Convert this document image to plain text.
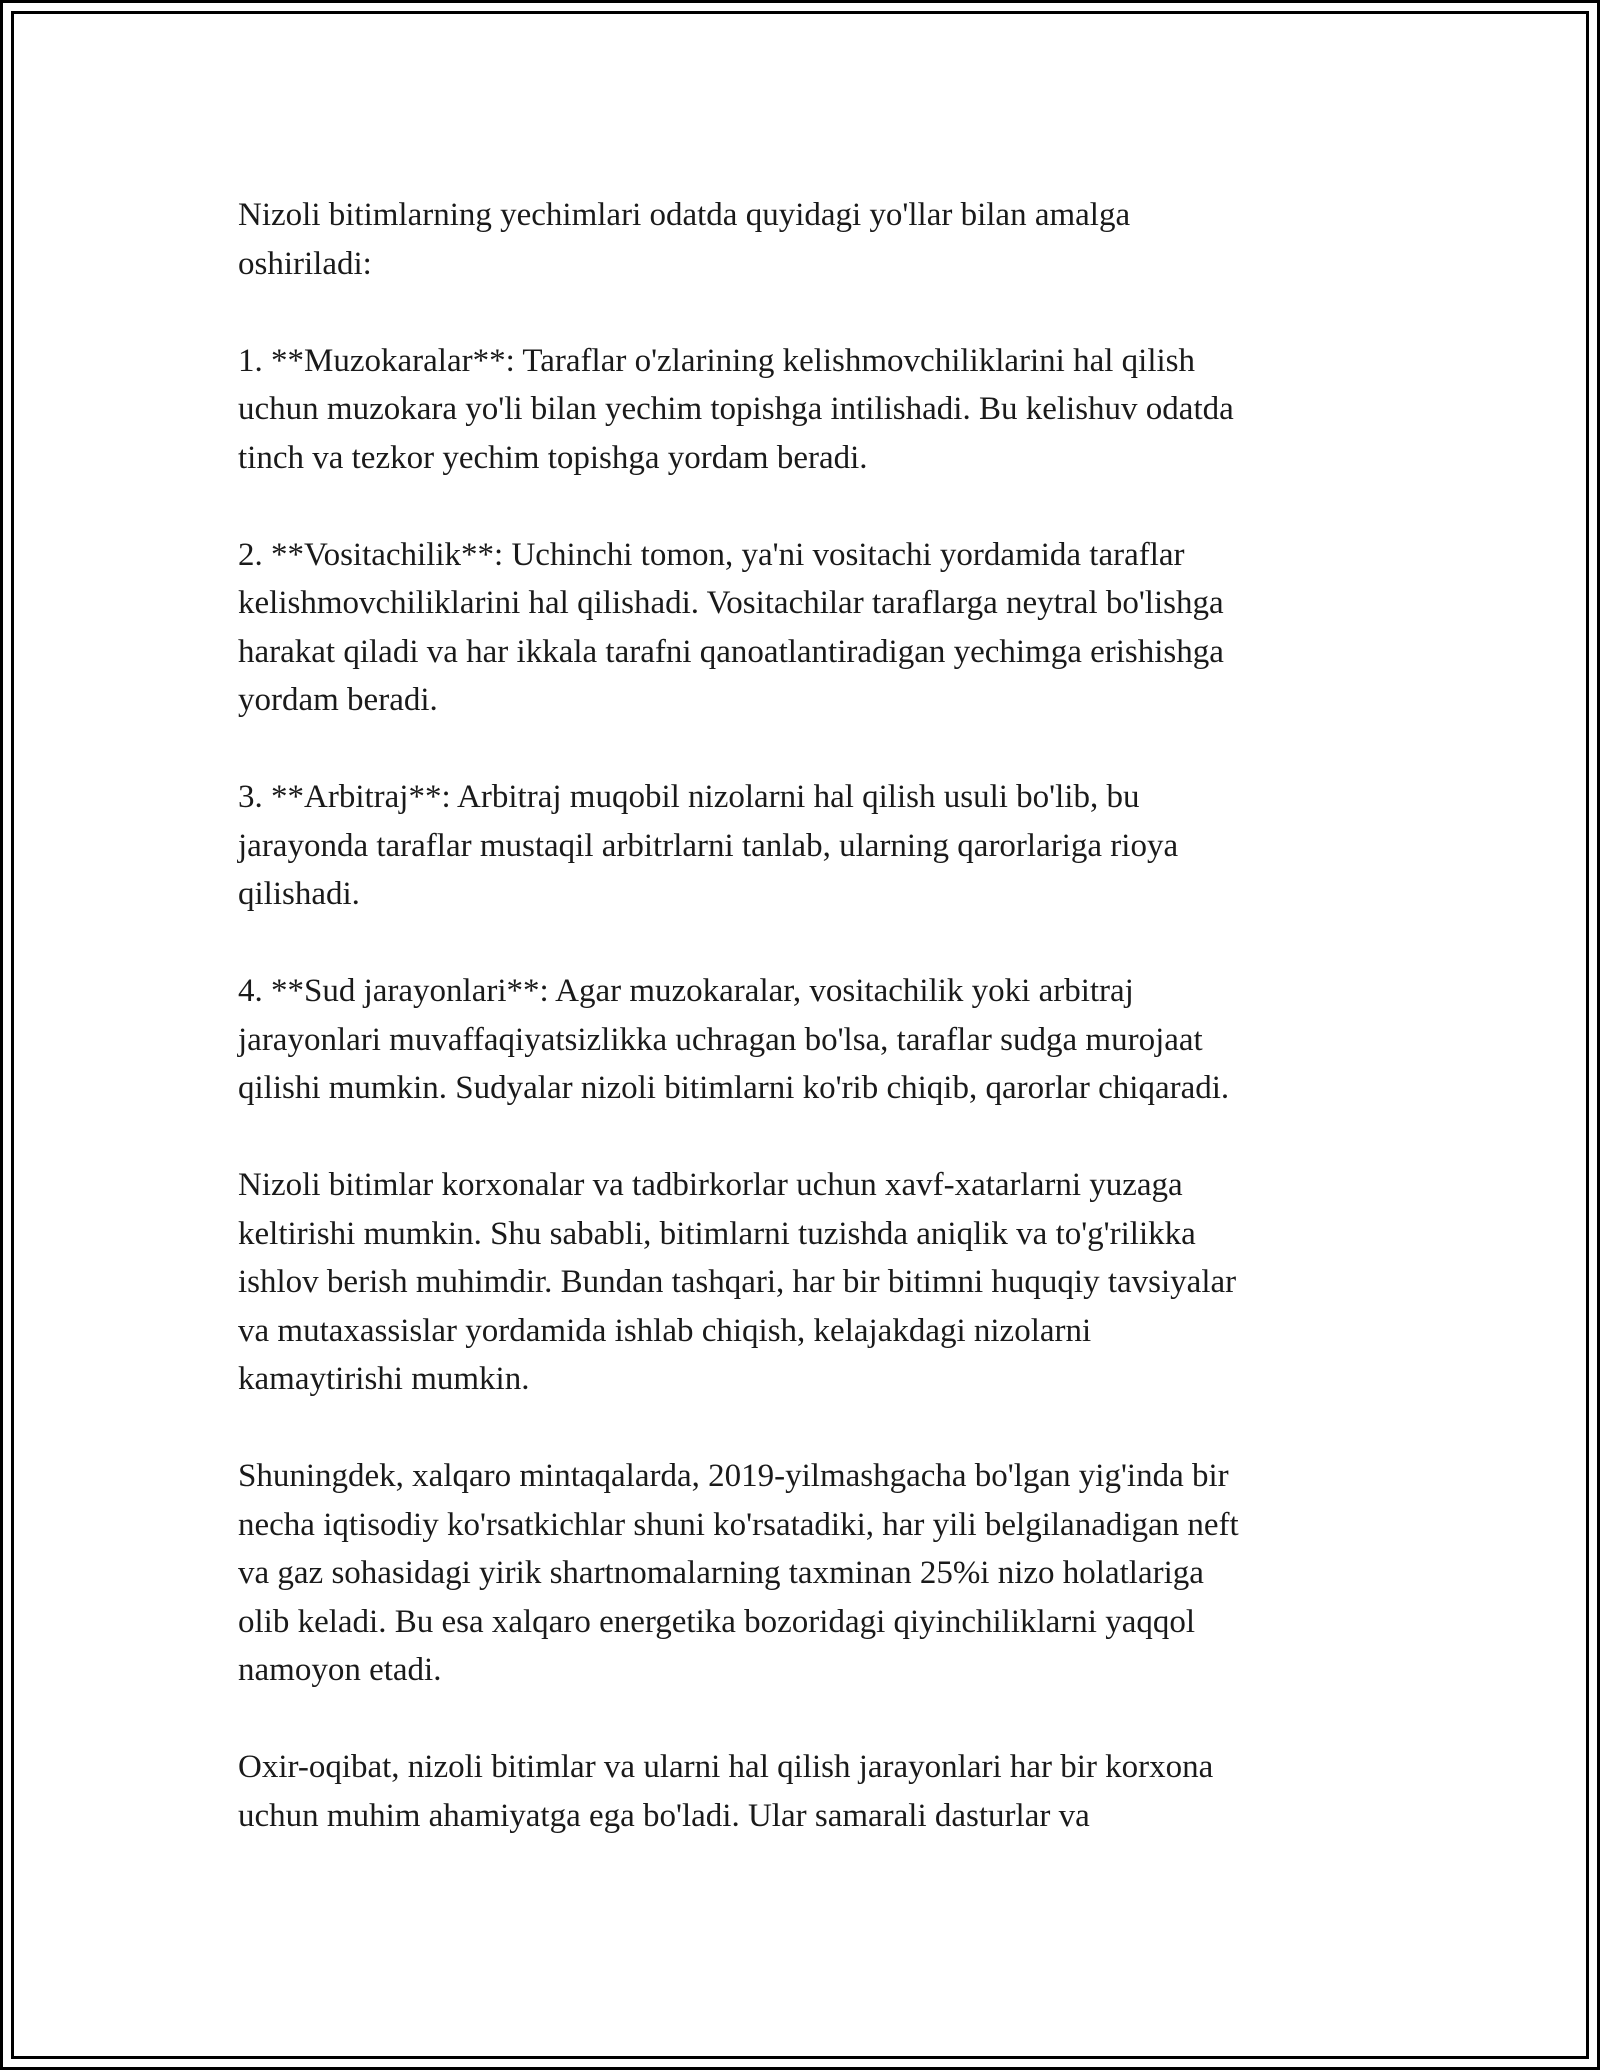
Nizoli bitimlarning yechimlari odatda quyidagi yo'llar bilan amalga
oshiriladi:

1. **Muzokaralar**: Taraflar o'zlarining kelishmovchiliklarini hal qilish
uchun muzokara yo'li bilan yechim topishga intilishadi. Bu kelishuv odatda
tinch va tezkor yechim topishga yordam beradi.

2. **Vositachilik**: Uchinchi tomon, ya'ni vositachi yordamida taraflar
kelishmovchiliklarini hal qilishadi. Vositachilar taraflarga neytral bo'lishga
harakat qiladi va har ikkala tarafni qanoatlantiradigan yechimga erishishga
yordam beradi.

3. **Arbitraj**: Arbitraj muqobil nizolarni hal qilish usuli bo'lib, bu
jarayonda taraflar mustaqil arbitrlarni tanlab, ularning qarorlariga rioya
qilishadi.

4. **Sud jarayonlari**: Agar muzokaralar, vositachilik yoki arbitraj
jarayonlari muvaffaqiyatsizlikka uchragan bo'lsa, taraflar sudga murojaat
qilishi mumkin. Sudyalar nizoli bitimlarni ko'rib chiqib, qarorlar chiqaradi.

Nizoli bitimlar korxonalar va tadbirkorlar uchun xavf-xatarlarni yuzaga
keltirishi mumkin. Shu sababli, bitimlarni tuzishda aniqlik va to'g'rilikka
ishlov berish muhimdir. Bundan tashqari, har bir bitimni huquqiy tavsiyalar
va mutaxassislar yordamida ishlab chiqish, kelajakdagi nizolarni
kamaytirishi mumkin.

Shuningdek, xalqaro mintaqalarda, 2019-yilmashgacha bo'lgan yig'inda bir
necha iqtisodiy ko'rsatkichlar shuni ko'rsatadiki, har yili belgilanadigan neft
va gaz sohasidagi yirik shartnomalarning taxminan 25%i nizo holatlariga
olib keladi. Bu esa xalqaro energetika bozoridagi qiyinchiliklarni yaqqol
namoyon etadi.

Oxir-oqibat, nizoli bitimlar va ularni hal qilish jarayonlari har bir korxona
uchun muhim ahamiyatga ega bo'ladi. Ular samarali dasturlar va
